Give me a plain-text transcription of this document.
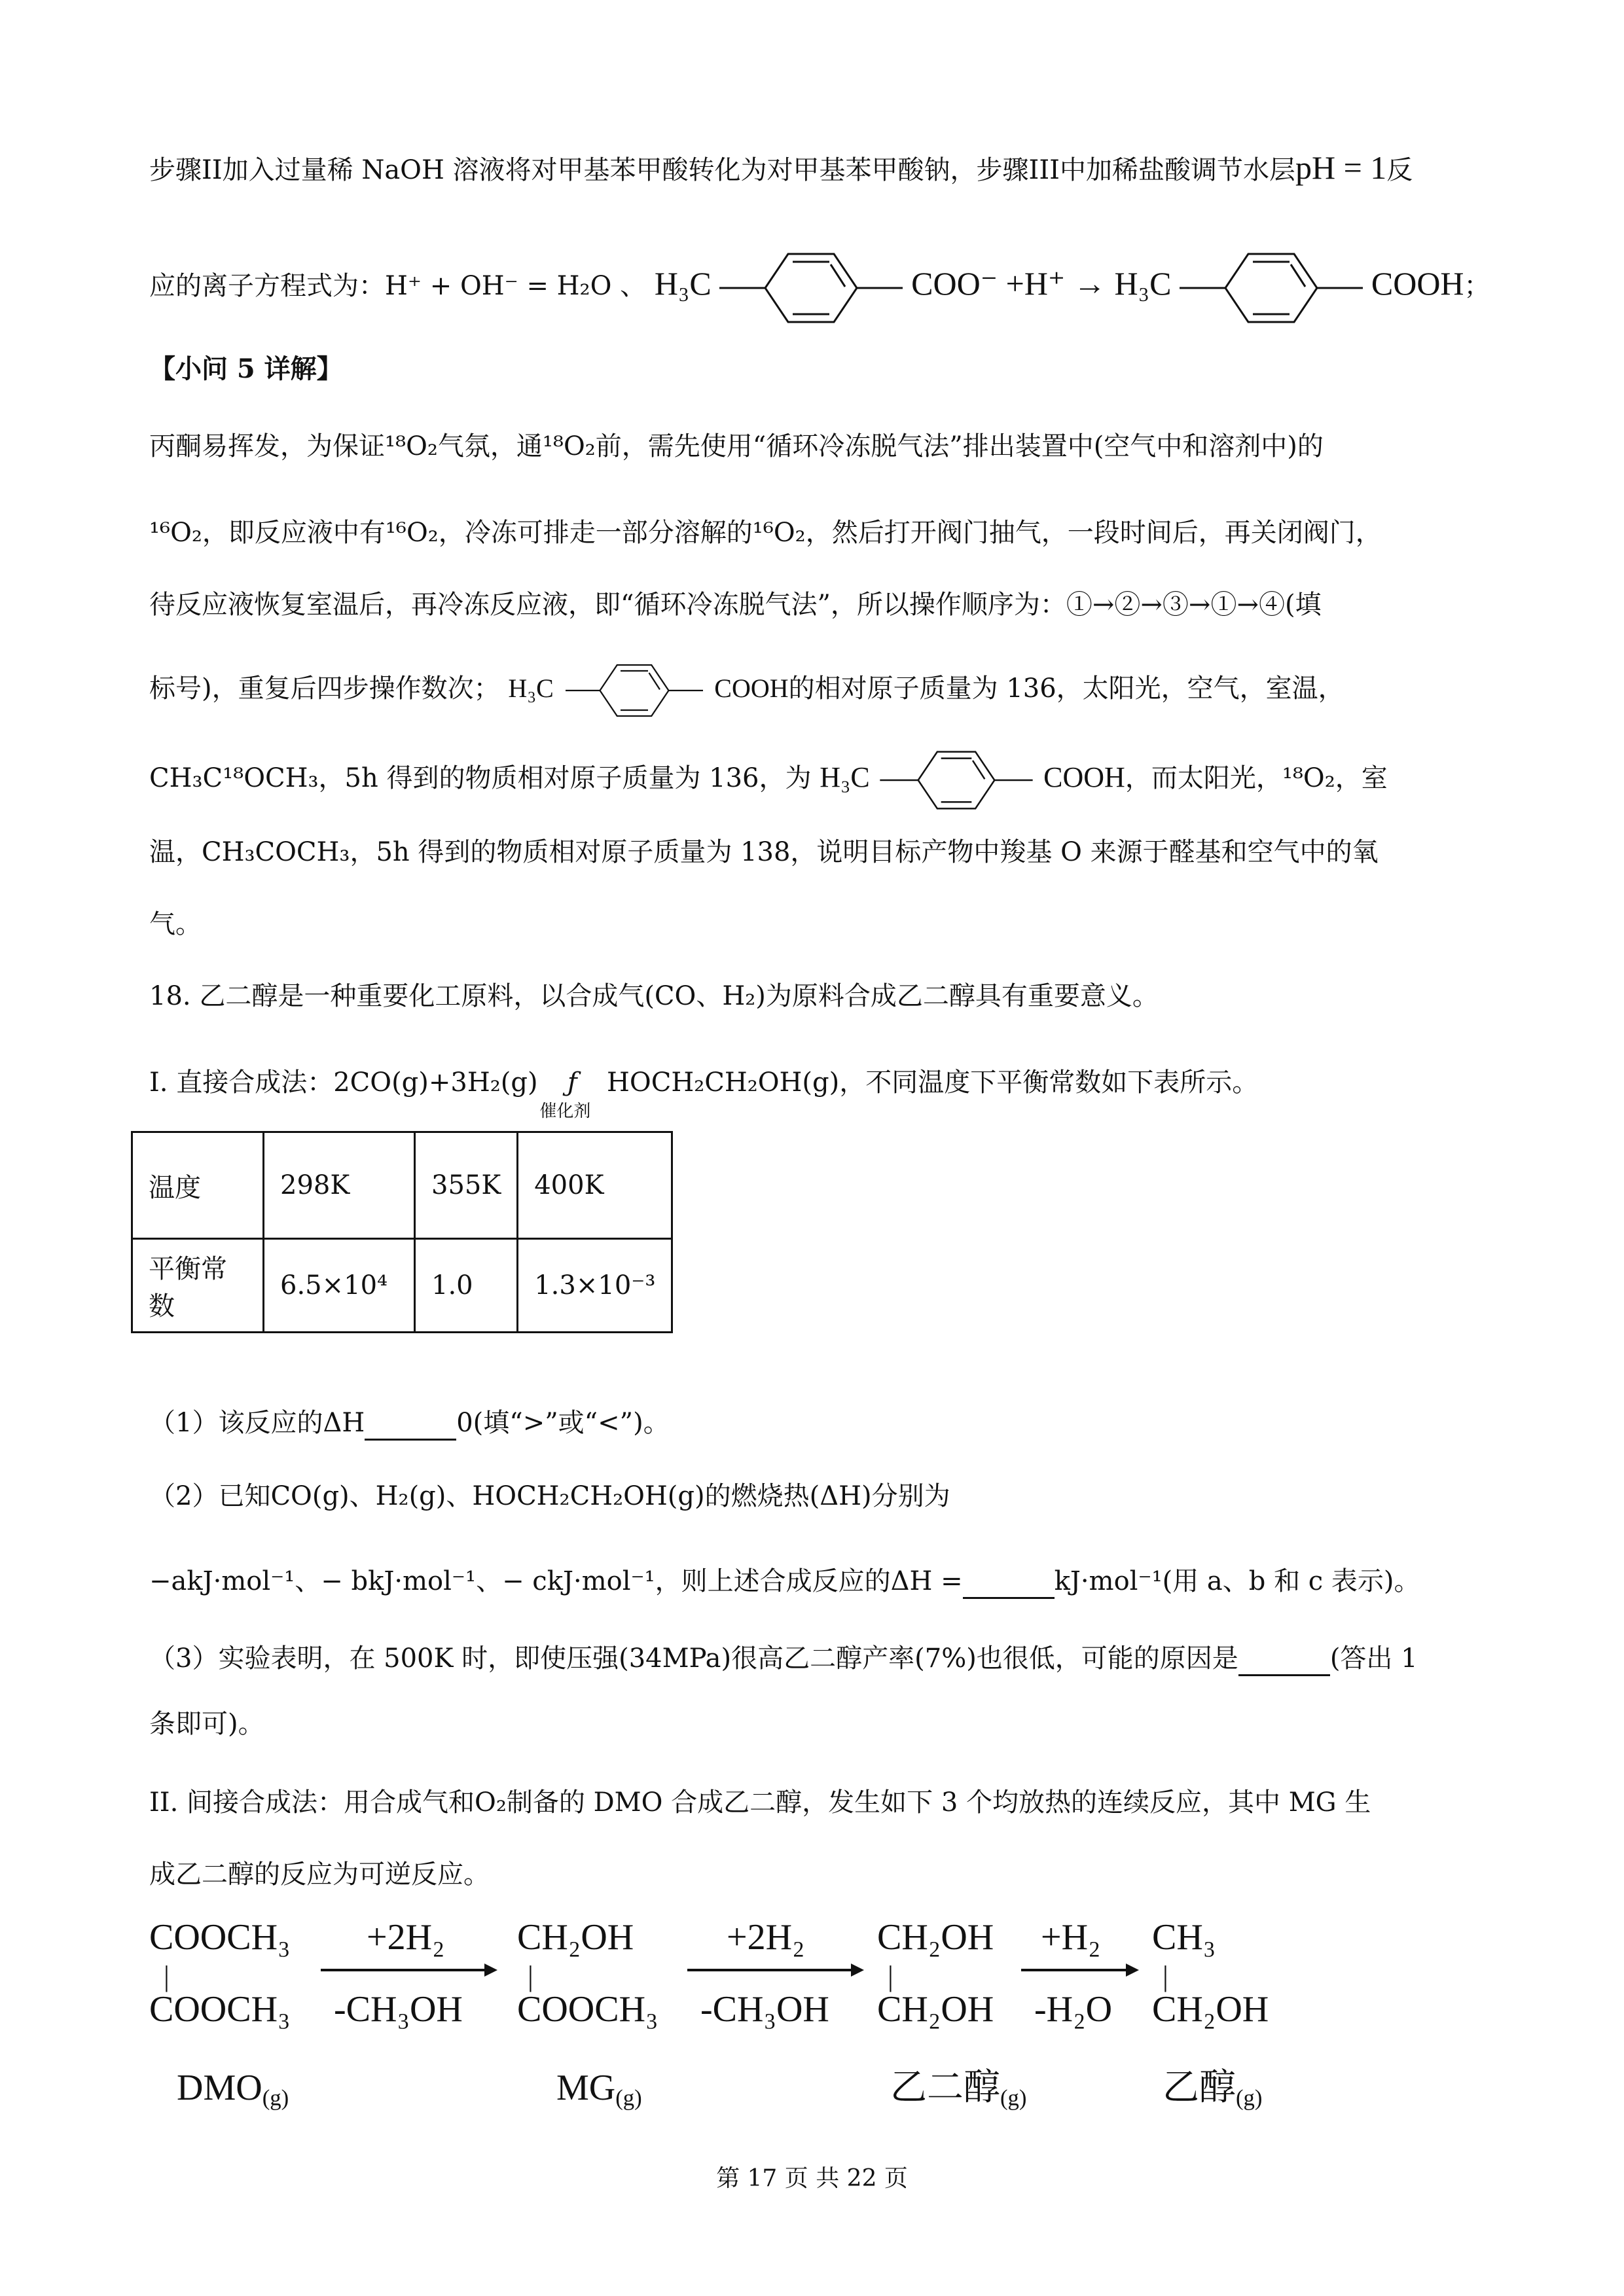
步骤II加入过量稀 NaOH 溶液将对甲基苯甲酸转化为对甲基苯甲酸钠，步骤III中加稀盐酸调节水层pH = 1反
应的离子方程式为：H⁺ + OH⁻ = H₂O 、 H₃C	COO⁻ +H⁺ → H₃C	COOH；
【小问 5 详解】
丙酮易挥发，为保证¹⁸O₂气氛，通¹⁸O₂前，需先使用“循环冷冻脱气法”排出装置中(空气中和溶剂中)的
¹⁶O₂，即反应液中有¹⁶O₂，冷冻可排走一部分溶解的¹⁶O₂，然后打开阀门抽气，一段时间后，再关闭阀门，
待反应液恢复室温后，再冷冻反应液，即“循环冷冻脱气法”，所以操作顺序为：①→②→③→①→④(填
标号)，重复后四步操作数次； H₃C	COOH的相对原子质量为 136，太阳光，空气，室温，
CH₃C¹⁸OCH₃，5h 得到的物质相对原子质量为 136，为 H₃C	COOH，而太阳光，¹⁸O₂，室
温，CH₃COCH₃，5h 得到的物质相对原子质量为 138，说明目标产物中羧基 O 来源于醛基和空气中的氧
气。
18. 乙二醇是一种重要化工原料，以合成气(CO、H₂)为原料合成乙二醇具有重要意义。
I. 直接合成法：2CO(g)+3H₂(g) ƒ
催化剂
HOCH₂CH₂OH(g)，不同温度下平衡常数如下表所示。
温度	298K	355K	400K
平衡常数	6.5×10⁴	1.0	1.3×10⁻³
（1）该反应的ΔH	0(填“>”或“<”)。
（2）已知CO(g)、H₂(g)、HOCH₂CH₂OH(g)的燃烧热(ΔH)分别为
−akJ·mol⁻¹、− bkJ·mol⁻¹、− ckJ·mol⁻¹，则上述合成反应的ΔH =	kJ·mol⁻¹(用 a、b 和 c 表示)。
（3）实验表明，在 500K 时，即使压强(34MPa)很高乙二醇产率(7%)也很低，可能的原因是	(答出 1
条即可)。
II. 间接合成法：用合成气和O₂制备的 DMO 合成乙二醇，发生如下 3 个均放热的连续反应，其中 MG 生
成乙二醇的反应为可逆反应。
COOCH₃
|
COOCH₃
$DMO_{(g)}$
+2H₂
-CH₃OH
CH₂OH
|
COOCH₃
$MG_{(g)}$
+2H₂
-CH₃OH
CH₂OH
|
CH₂OH
乙二醇$_{(g)}$
+H₂
-H₂O
CH₃
|
CH₂OH
乙醇$_{(g)}$
第 17 页 共 22 页
